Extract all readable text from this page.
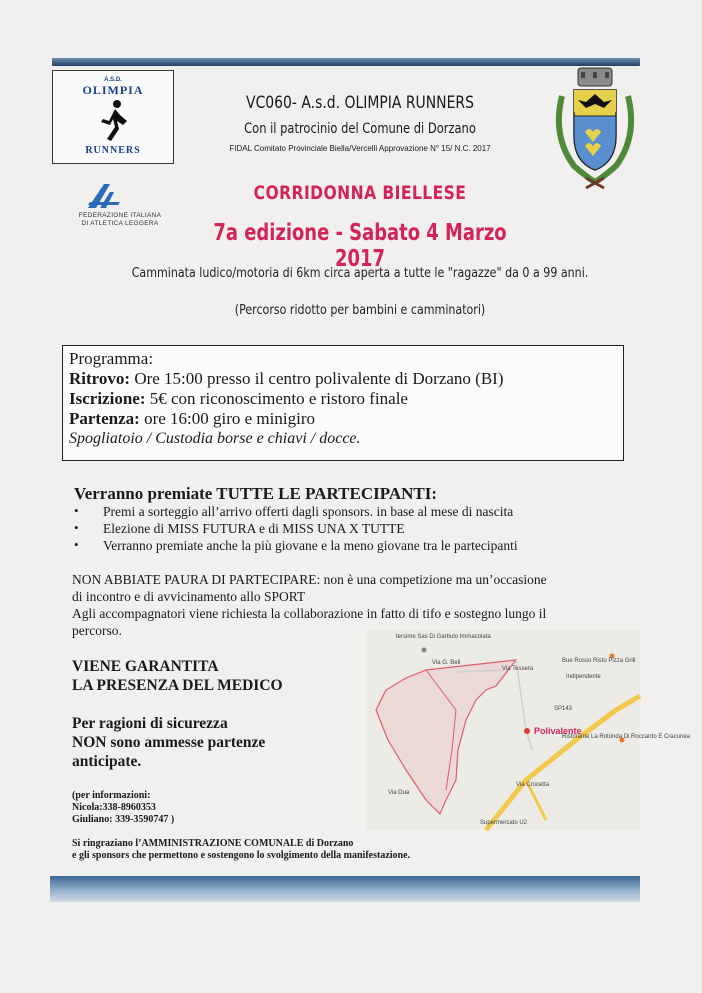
A.S.D.
OLIMPIA
RUNNERS
VC060- A.s.d. OLIMPIA RUNNERS
Con il patrocinio del Comune di Dorzano
FIDAL Comitato Provinciale Biella/Vercelli Approvazione N° 15/ N.C. 2017
FEDERAZIONE ITALIANA
DI ATLETICA LEGGERA
CORRIDONNA BIELLESE
7a edizione - Sabato 4 Marzo 2017
Camminata ludico/motoria di 6km circa aperta a tutte le "ragazze" da 0 a 99 anni.
(Percorso ridotto per bambini e camminatori)
Programma:
Ritrovo: Ore 15:00 presso il centro polivalente di Dorzano (BI)
Iscrizione: 5€ con riconoscimento e ristoro finale
Partenza: ore 16:00 giro e minigiro
Spogliatoio / Custodia borse e chiavi / docce.
Verranno premiate TUTTE LE PARTECIPANTI:
• Premi a sorteggio all’arrivo offerti dagli sponsors. in base al mese di nascita
• Elezione di MISS FUTURA e di MISS UNA X TUTTE
• Verranno premiate anche la più giovane e la meno giovane tra le partecipanti
NON ABBIATE PAURA DI PARTECIPARE: non è una competizione ma un’occasione
di incontro e di avvicinamento allo SPORT
Agli accompagnatori viene richiesta la collaborazione in fatto di tifo e sostegno lungo il
percorso.
VIENE GARANTITA
LA PRESENZA DEL MEDICO
Per ragioni di sicurezza
NON sono ammesse partenze
anticipate.
(per informazioni:
Nicola:338-8960353
Giuliano: 339-3590747 )
Si ringraziano l’AMMINISTRAZIONE COMUNALE di Dorzano
e gli sponsors che permettono e sostengono lo svolgimento della manifestazione.
tersime Sas Di Garbulo Immacolata
Via G. Bell
Via Tessera
Bue Rosso Risto Pizza Grill
Indipendente
SP143
Polivalente
Ristorante La Rotonda Di Roccardo E Cracunea
Via Crocetta
Via Dua
Supermercato U2
